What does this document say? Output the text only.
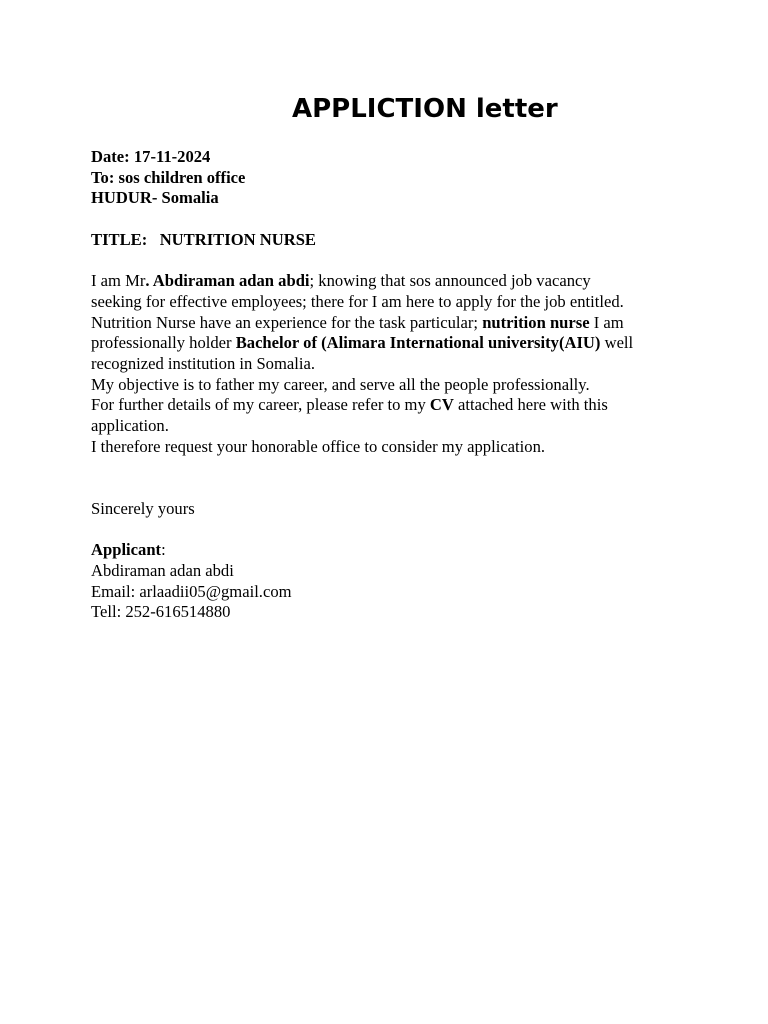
APPLICTION letter
Date: 17-11-2024
To: sos children office
HUDUR- Somalia
TITLE:   NUTRITION NURSE
I am Mr. Abdiraman adan abdi; knowing that sos announced job vacancy
seeking for effective employees; there for I am here to apply for the job entitled.
Nutrition Nurse have an experience for the task particular; nutrition nurse I am
professionally holder Bachelor of (Alimara International university(AIU) well
recognized institution in Somalia.
My objective is to father my career, and serve all the people professionally.
For further details of my career, please refer to my CV attached here with this
application.
I therefore request your honorable office to consider my application.
Sincerely yours
Applicant:
Abdiraman adan abdi
Email: arlaadii05@gmail.com
Tell: 252-616514880
